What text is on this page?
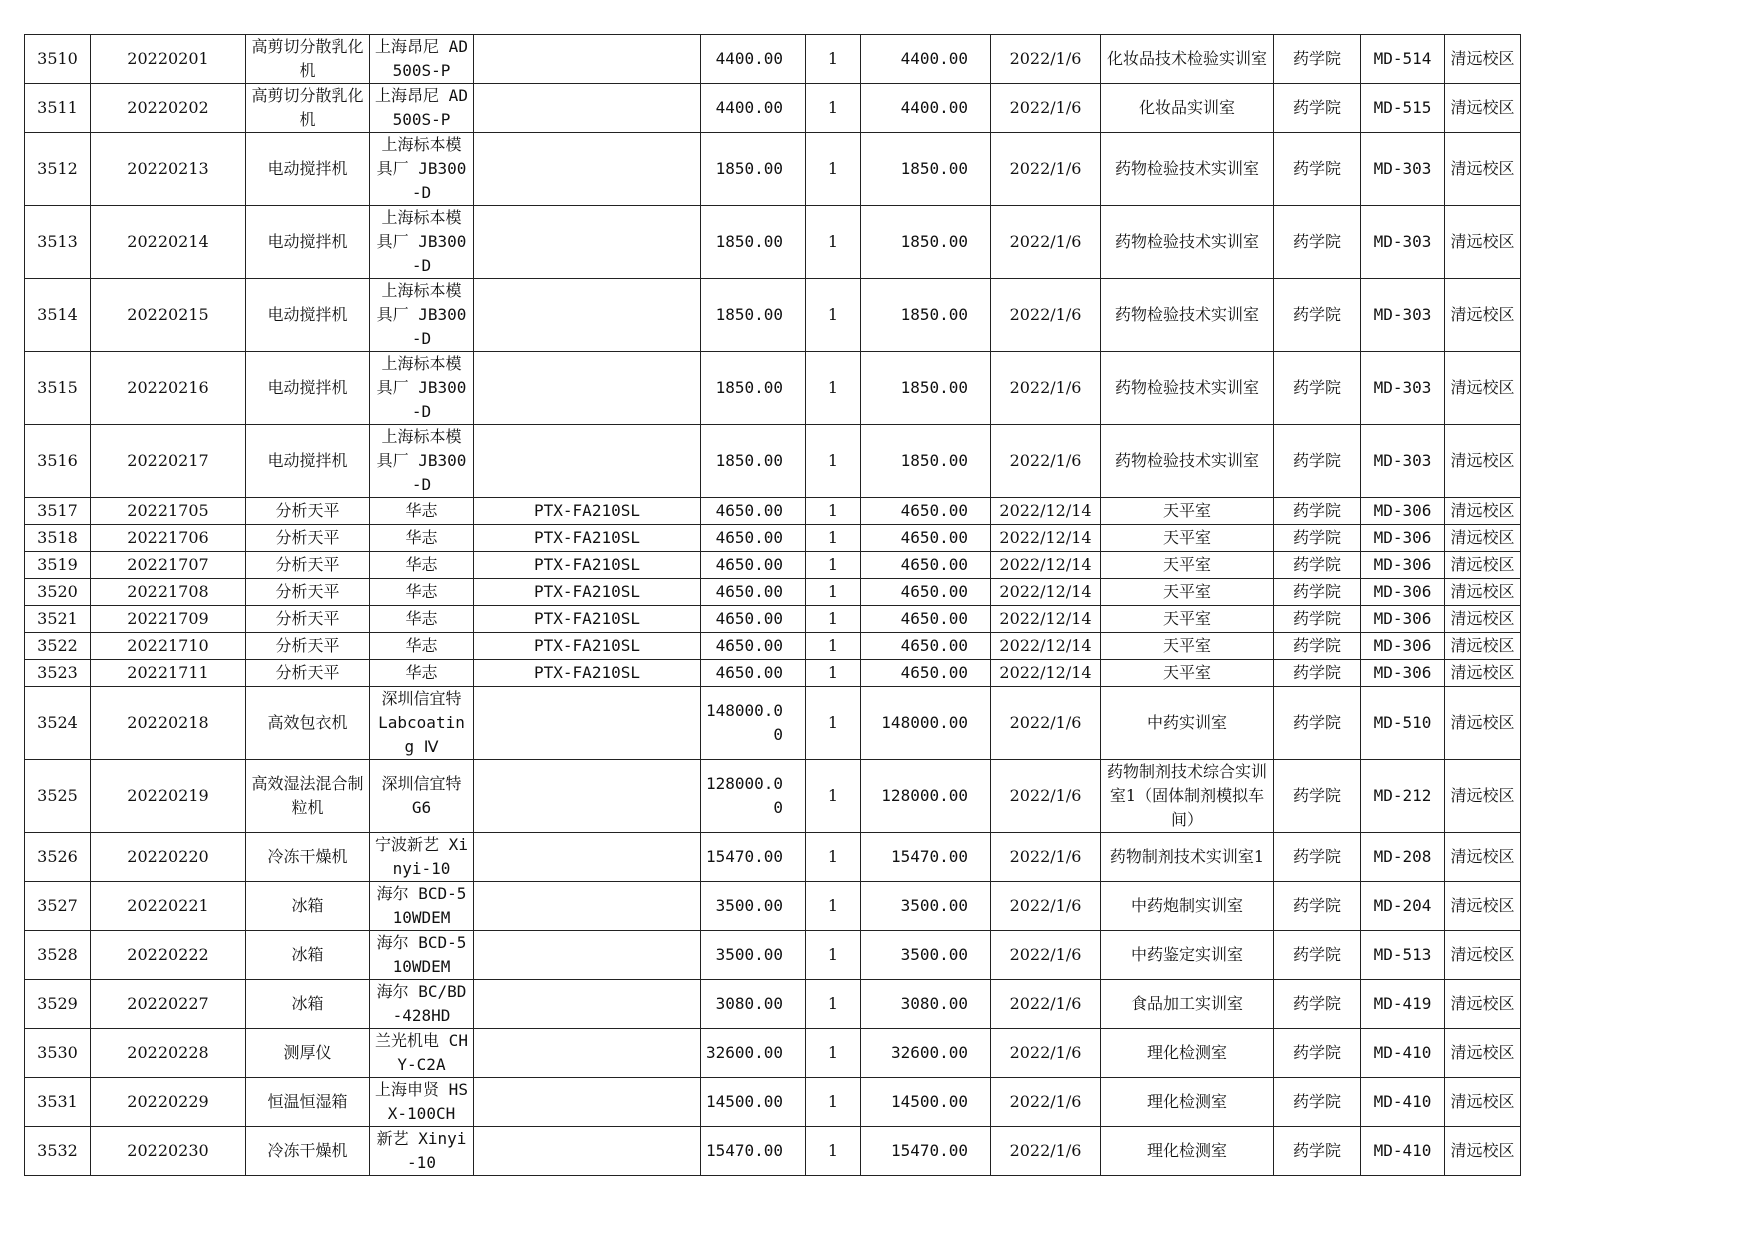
3510	20220201	高剪切分散乳化机	上海昂尼 AD500S-P		4400.00	1	4400.00	2022/1/6	化妆品技术检验实训室	药学院	MD-514	清远校区
3511	20220202	高剪切分散乳化机	上海昂尼 AD500S-P		4400.00	1	4400.00	2022/1/6	化妆品实训室	药学院	MD-515	清远校区
3512	20220213	电动搅拌机	上海标本模具厂 JB300-D		1850.00	1	1850.00	2022/1/6	药物检验技术实训室	药学院	MD-303	清远校区
3513	20220214	电动搅拌机	上海标本模具厂 JB300-D		1850.00	1	1850.00	2022/1/6	药物检验技术实训室	药学院	MD-303	清远校区
3514	20220215	电动搅拌机	上海标本模具厂 JB300-D		1850.00	1	1850.00	2022/1/6	药物检验技术实训室	药学院	MD-303	清远校区
3515	20220216	电动搅拌机	上海标本模具厂 JB300-D		1850.00	1	1850.00	2022/1/6	药物检验技术实训室	药学院	MD-303	清远校区
3516	20220217	电动搅拌机	上海标本模具厂 JB300-D		1850.00	1	1850.00	2022/1/6	药物检验技术实训室	药学院	MD-303	清远校区
3517	20221705	分析天平	华志	PTX-FA210SL	4650.00	1	4650.00	2022/12/14	天平室	药学院	MD-306	清远校区
3518	20221706	分析天平	华志	PTX-FA210SL	4650.00	1	4650.00	2022/12/14	天平室	药学院	MD-306	清远校区
3519	20221707	分析天平	华志	PTX-FA210SL	4650.00	1	4650.00	2022/12/14	天平室	药学院	MD-306	清远校区
3520	20221708	分析天平	华志	PTX-FA210SL	4650.00	1	4650.00	2022/12/14	天平室	药学院	MD-306	清远校区
3521	20221709	分析天平	华志	PTX-FA210SL	4650.00	1	4650.00	2022/12/14	天平室	药学院	MD-306	清远校区
3522	20221710	分析天平	华志	PTX-FA210SL	4650.00	1	4650.00	2022/12/14	天平室	药学院	MD-306	清远校区
3523	20221711	分析天平	华志	PTX-FA210SL	4650.00	1	4650.00	2022/12/14	天平室	药学院	MD-306	清远校区
3524	20220218	高效包衣机	深圳信宜特 Labcoating Ⅳ		148000.00	1	148000.00	2022/1/6	中药实训室	药学院	MD-510	清远校区
3525	20220219	高效湿法混合制粒机	深圳信宜特 G6		128000.00	1	128000.00	2022/1/6	药物制剂技术综合实训室1（固体制剂模拟车间）	药学院	MD-212	清远校区
3526	20220220	冷冻干燥机	宁波新艺 Xinyi-10		15470.00	1	15470.00	2022/1/6	药物制剂技术实训室1	药学院	MD-208	清远校区
3527	20220221	冰箱	海尔 BCD-510WDEM		3500.00	1	3500.00	2022/1/6	中药炮制实训室	药学院	MD-204	清远校区
3528	20220222	冰箱	海尔 BCD-510WDEM		3500.00	1	3500.00	2022/1/6	中药鉴定实训室	药学院	MD-513	清远校区
3529	20220227	冰箱	海尔 BC/BD-428HD		3080.00	1	3080.00	2022/1/6	食品加工实训室	药学院	MD-419	清远校区
3530	20220228	测厚仪	兰光机电 CHY-C2A		32600.00	1	32600.00	2022/1/6	理化检测室	药学院	MD-410	清远校区
3531	20220229	恒温恒湿箱	上海申贤 HSX-100CH		14500.00	1	14500.00	2022/1/6	理化检测室	药学院	MD-410	清远校区
3532	20220230	冷冻干燥机	新艺 Xinyi-10		15470.00	1	15470.00	2022/1/6	理化检测室	药学院	MD-410	清远校区
